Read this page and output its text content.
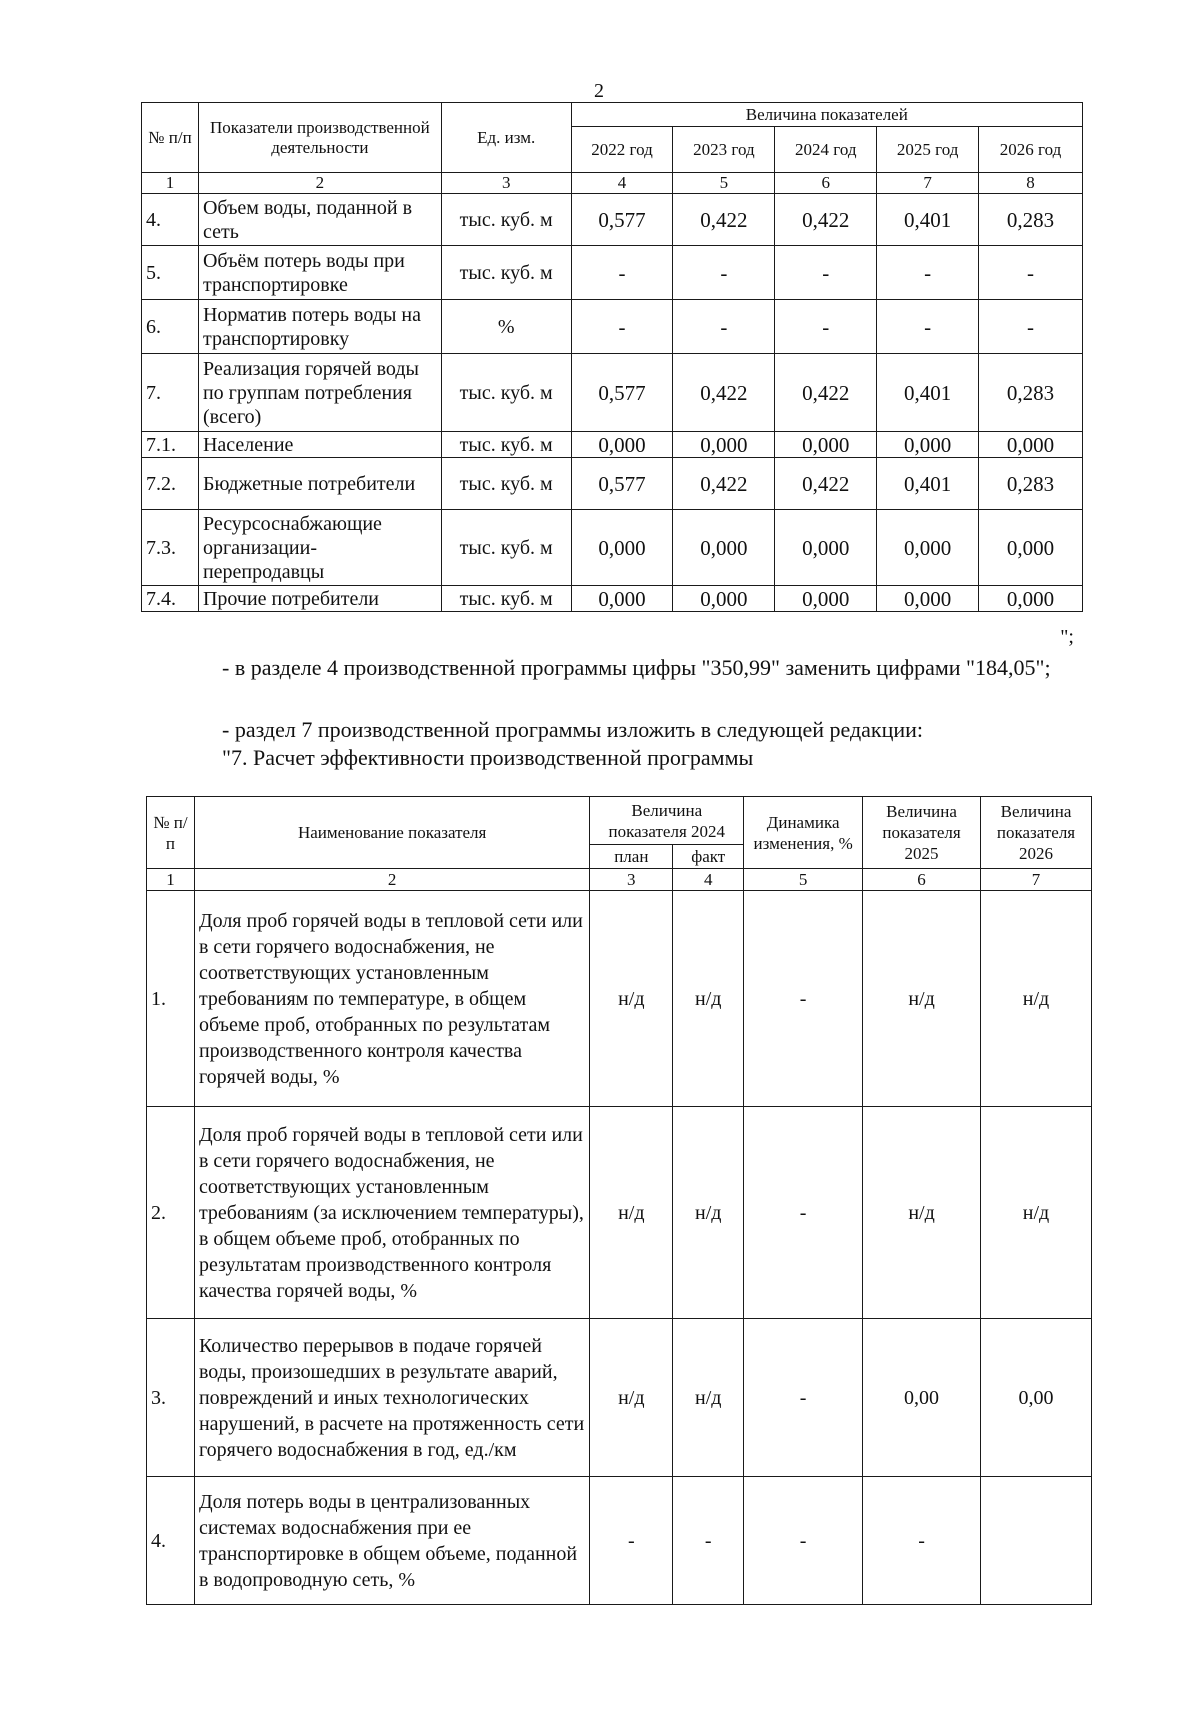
2
№ п/п	Показатели производственной деятельности	Ед. изм.	Величина показателей				
			2022 год	2023 год	2024 год	2025 год	2026 год
1	2	3	4	5	6	7	8
4.	Объем воды, поданной в сеть	тыс. куб. м	0,577	0,422	0,422	0,401	0,283
5.	Объём потерь воды при транспортировке	тыс. куб. м	-	-	-	-	-
6.	Норматив потерь воды на транспортировку	%	-	-	-	-	-
7.	Реализация горячей воды по группам потребления (всего)	тыс. куб. м	0,577	0,422	0,422	0,401	0,283
7.1.	Население	тыс. куб. м	0,000	0,000	0,000	0,000	0,000
7.2.	Бюджетные потребители	тыс. куб. м	0,577	0,422	0,422	0,401	0,283
7.3.	Ресурсоснабжающие организации-перепродавцы	тыс. куб. м	0,000	0,000	0,000	0,000	0,000
7.4.	Прочие потребители	тыс. куб. м	0,000	0,000	0,000	0,000	0,000
";
- в разделе 4 производственной программы цифры "350,99" заменить цифрами "184,05";
- раздел 7 производственной программы изложить в следующей редакции:
"7. Расчет эффективности производственной программы
№ п/п	Наименование показателя	Величина показателя 2024		Динамика изменения, %	Величина показателя 2025	Величина показателя 2026
		план	факт			
1	2	3	4	5	6	7
1.	Доля проб горячей воды в тепловой сети или в сети горячего водоснабжения, не соответствующих установленным требованиям по температуре, в общем объеме проб, отобранных по результатам производственного контроля качества горячей воды, %	н/д	н/д	-	н/д	н/д
2.	Доля проб горячей воды в тепловой сети или в сети горячего водоснабжения, не соответствующих установленным требованиям (за исключением температуры), в общем объеме проб, отобранных по результатам производственного контроля качества горячей воды, %	н/д	н/д	-	н/д	н/д
3.	Количество перерывов в подаче горячей воды, произошедших в результате аварий, повреждений и иных технологических нарушений, в расчете на протяженность сети горячего водоснабжения в год, ед./км	н/д	н/д	-	0,00	0,00
4.	Доля потерь воды в централизованных системах водоснабжения при ее транспортировке в общем объеме, поданной в водопроводную сеть, %	-	-	-	-	
